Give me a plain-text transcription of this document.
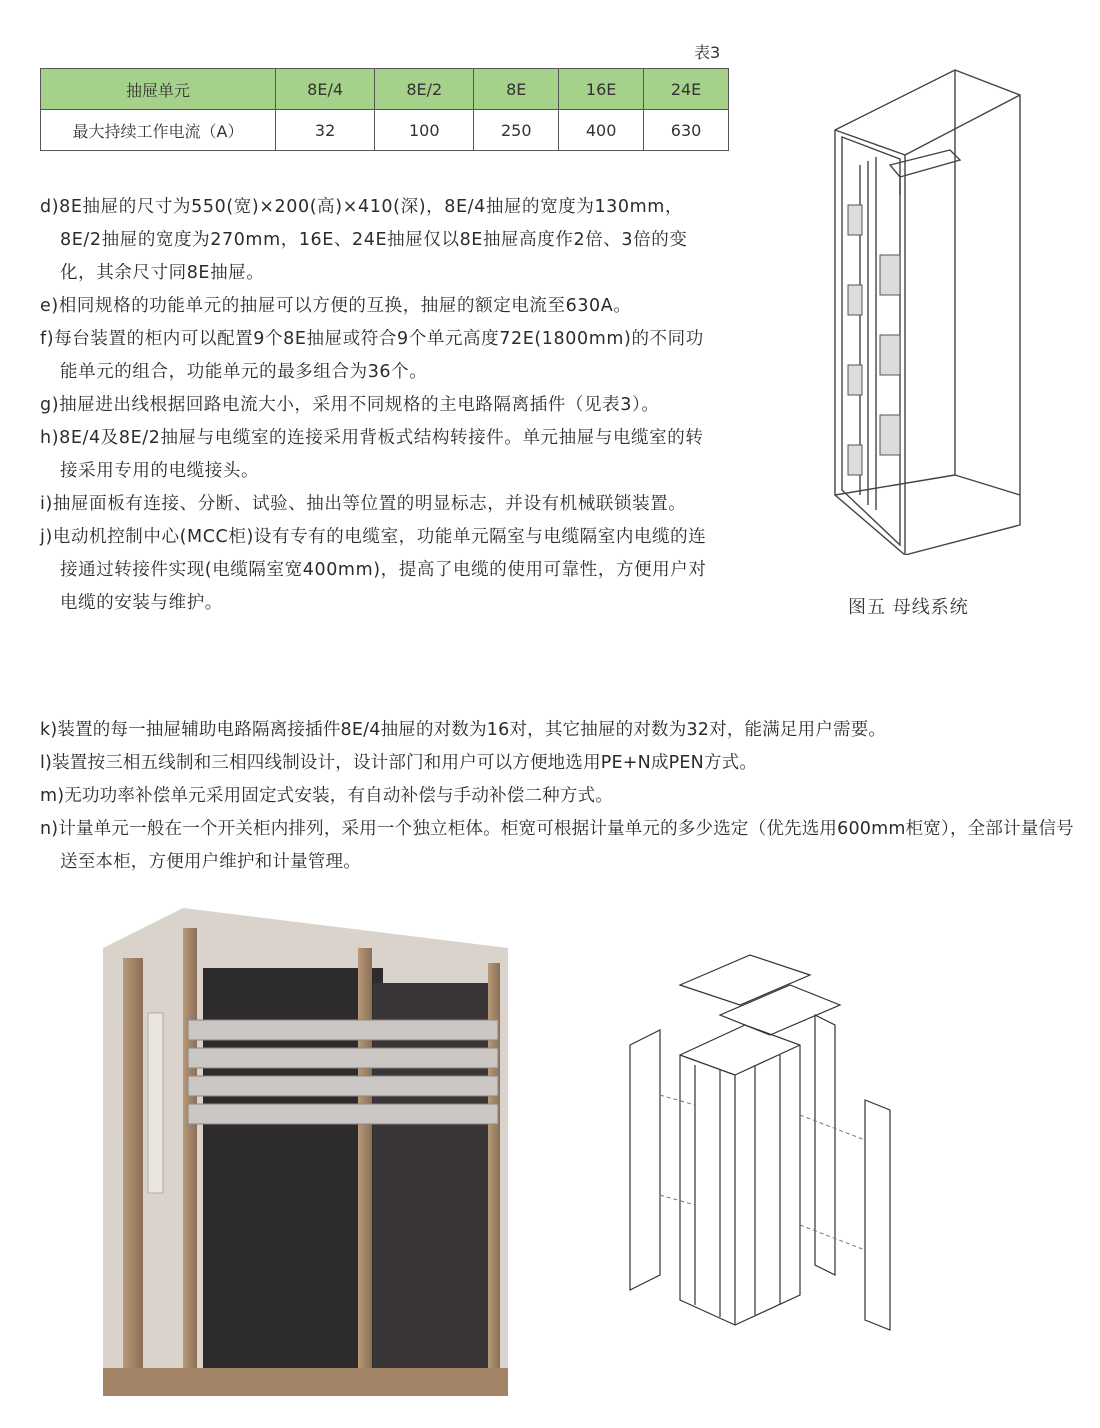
表3
抽屉单元	8E/4	8E/2	8E	16E	24E
最大持续工作电流（A）	32	100	250	400	630
d)8E抽屉的尺寸为550(宽)×200(高)×410(深)，8E/4抽屉的宽度为130mm，8E/2抽屉的宽度为270mm，16E、24E抽屉仅以8E抽屉高度作2倍、3倍的变化，其余尺寸同8E抽屉。
e)相同规格的功能单元的抽屉可以方便的互换，抽屉的额定电流至630A。
f)每台装置的柜内可以配置9个8E抽屉或符合9个单元高度72E(1800mm)的不同功能单元的组合，功能单元的最多组合为36个。
g)抽屉进出线根据回路电流大小，采用不同规格的主电路隔离插件（见表3）。
h)8E/4及8E/2抽屉与电缆室的连接采用背板式结构转接件。单元抽屉与电缆室的转接采用专用的电缆接头。
i)抽屉面板有连接、分断、试验、抽出等位置的明显标志，并设有机械联锁装置。
j)电动机控制中心(MCC柜)设有专有的电缆室，功能单元隔室与电缆隔室内电缆的连接通过转接件实现(电缆隔室宽400mm)，提高了电缆的使用可靠性，方便用户对电缆的安装与维护。
k)装置的每一抽屉辅助电路隔离接插件8E/4抽屉的对数为16对，其它抽屉的对数为32对，能满足用户需要。
l)装置按三相五线制和三相四线制设计，设计部门和用户可以方便地选用PE+N成PEN方式。
m)无功功率补偿单元采用固定式安装，有自动补偿与手动补偿二种方式。
n)计量单元一般在一个开关柜内排列，采用一个独立柜体。柜宽可根据计量单元的多少选定（优先选用600mm柜宽），全部计量信号送至本柜，方便用户维护和计量管理。
图五 母线系统
